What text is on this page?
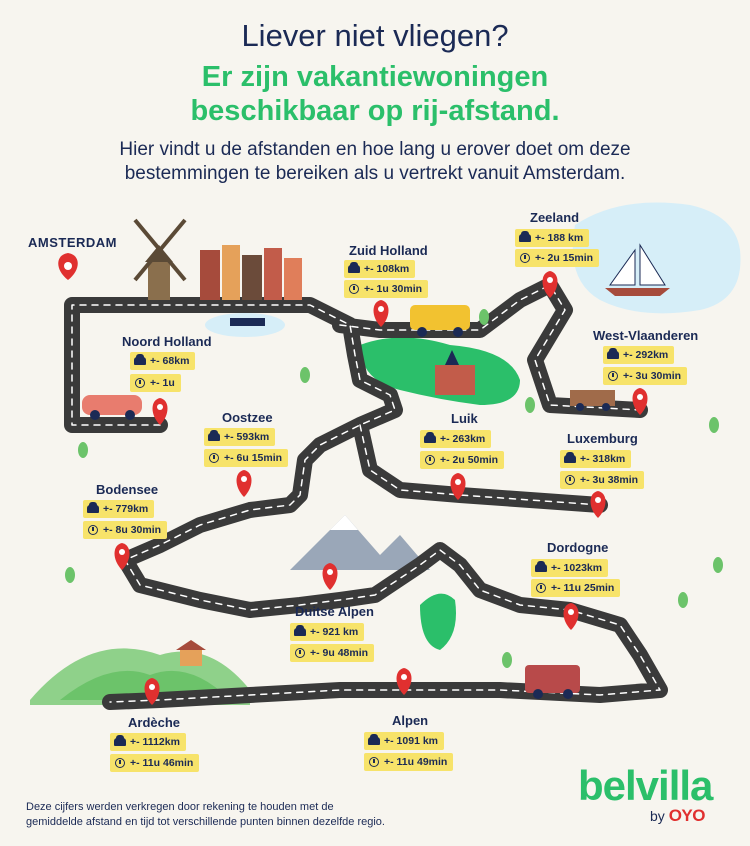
Liever niet vliegen?
Er zijn vakantiewoningen
beschikbaar op rij-afstand.
Hier vindt u de afstanden en hoe lang u erover doet om deze
bestemmingen te bereiken als u vertrekt vanuit Amsterdam.
AMSTERDAM
Noord Holland
+- 68km
+- 1u
Zuid Holland
+- 108km
+- 1u 30min
Zeeland
+- 188 km
+- 2u 15min
West-Vlaanderen
+- 292km
+- 3u 30min
Oostzee
+- 593km
+- 6u 15min
Luik
+- 263km
+- 2u 50min
Luxemburg
+- 318km
+- 3u 38min
Bodensee
+- 779km
+- 8u 30min
Dordogne
+- 1023km
+- 11u 25min
Duitse Alpen
+- 921 km
+- 9u 48min
Ardèche
+- 1112km
+- 11u 46min
Alpen
+- 1091 km
+- 11u 49min
Deze cijfers werden verkregen door rekening te houden met de
gemiddelde afstand en tijd tot verschillende punten binnen dezelfde regio.
belvilla
by OYO
